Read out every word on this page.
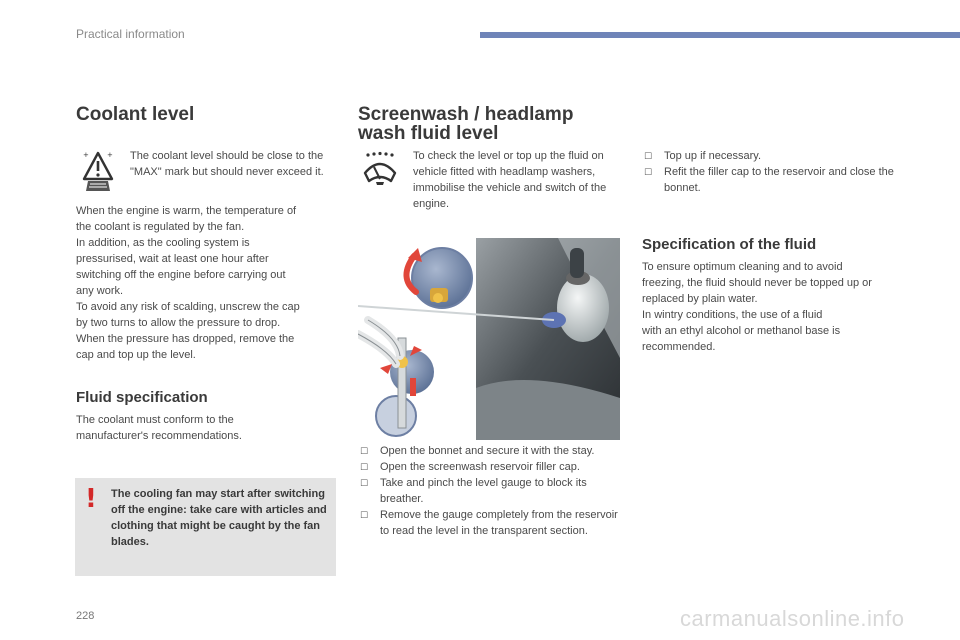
Practical information
Coolant level
+	+ The coolant level should be close to the "MAX" mark but should never exceed it.

When the engine is warm, the temperature of

the coolant is regulated by the fan.

In addition, as the cooling system is

pressurised, wait at least one hour after

switching off the engine before carrying out

any work.

To avoid any risk of scalding, unscrew the cap

by two turns to allow the pressure to drop.

When the pressure has dropped, remove the

cap and top up the level.

Fluid specification

The coolant must conform to the

manufacturer's recommendations.

! The cooling fan may start after switching off the engine: take care with articles and clothing that might be caught by the fan blades.

Screenwash / headlamp
wash fluid level

To check the level or top up the fluid on vehicle fitted with headlamp washers, immobilise the vehicle and switch of the engine.

☐ Open the bonnet and secure it with the stay.
☐ Open the screenwash reservoir filler cap.
☐ Take and pinch the level gauge to block its breather.
☐ Remove the gauge completely from the reservoir to read the level in the transparent section.
☐ Top up if necessary.
☐ Refit the filler cap to the reservoir and close the bonnet.
Specification of the fluid

To ensure optimum cleaning and to avoid

freezing, the fluid should never be topped up or

replaced by plain water.

In wintry conditions, the use of a fluid

with an ethyl alcohol or methanol base is

recommended.

228	carmanualsonline.info
